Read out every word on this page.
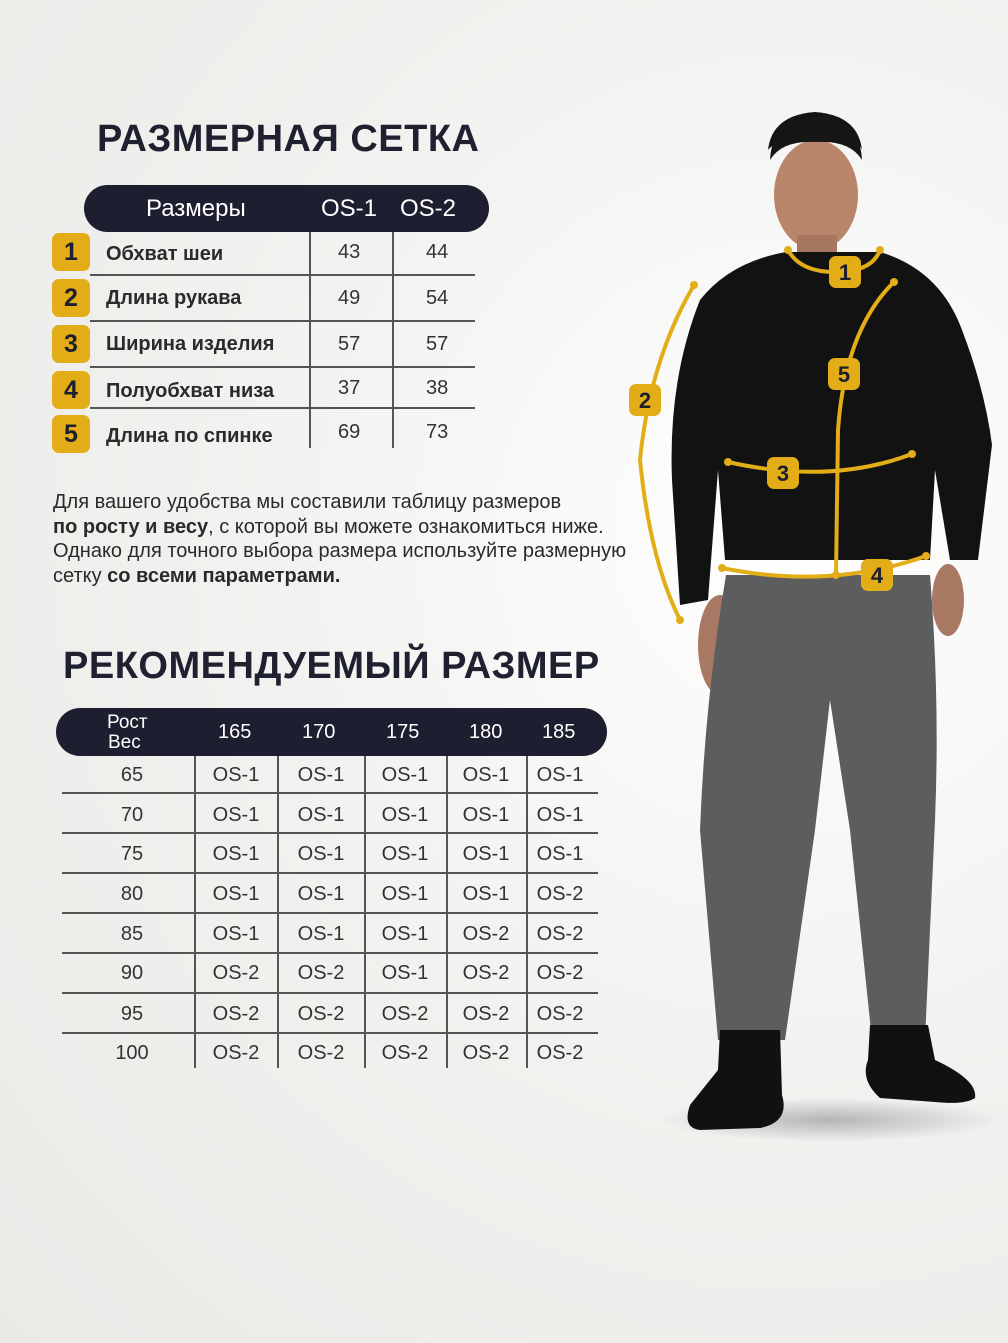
РАЗМЕРНАЯ СЕТКА
Размеры	OS-1 OS-2
1	Обхват шеи	43	44
2	Длина рукава	49	54
3	Ширина изделия	57	57
4	Полуобхват низа	37	38
5	Длина по спинке	69	73

Для вашего удобства мы составили таблицу размеров
по росту и весу, с которой вы можете ознакомиться ниже. Однако для точного выбора размера используйте размерную сетку со всеми параметрами.

РЕКОМЕНДУЕМЫЙ РАЗМЕР
Рост
Вес	165	170	175 180 185
65	OS-1	OS-1	OS-1	OS-1	OS-1
70	OS-1	OS-1	OS-1	OS-1	OS-1
75	OS-1	OS-1	OS-1	OS-1	OS-1
80	OS-1	OS-1	OS-1	OS-1	OS-2
85	OS-1	OS-1	OS-1	OS-2	OS-2
90	OS-2	OS-2	OS-1	OS-2	OS-2
95	OS-2	OS-2	OS-2	OS-2	OS-2
100	OS-2	OS-2	OS-2	OS-2	OS-2
1
2
3
4
5
